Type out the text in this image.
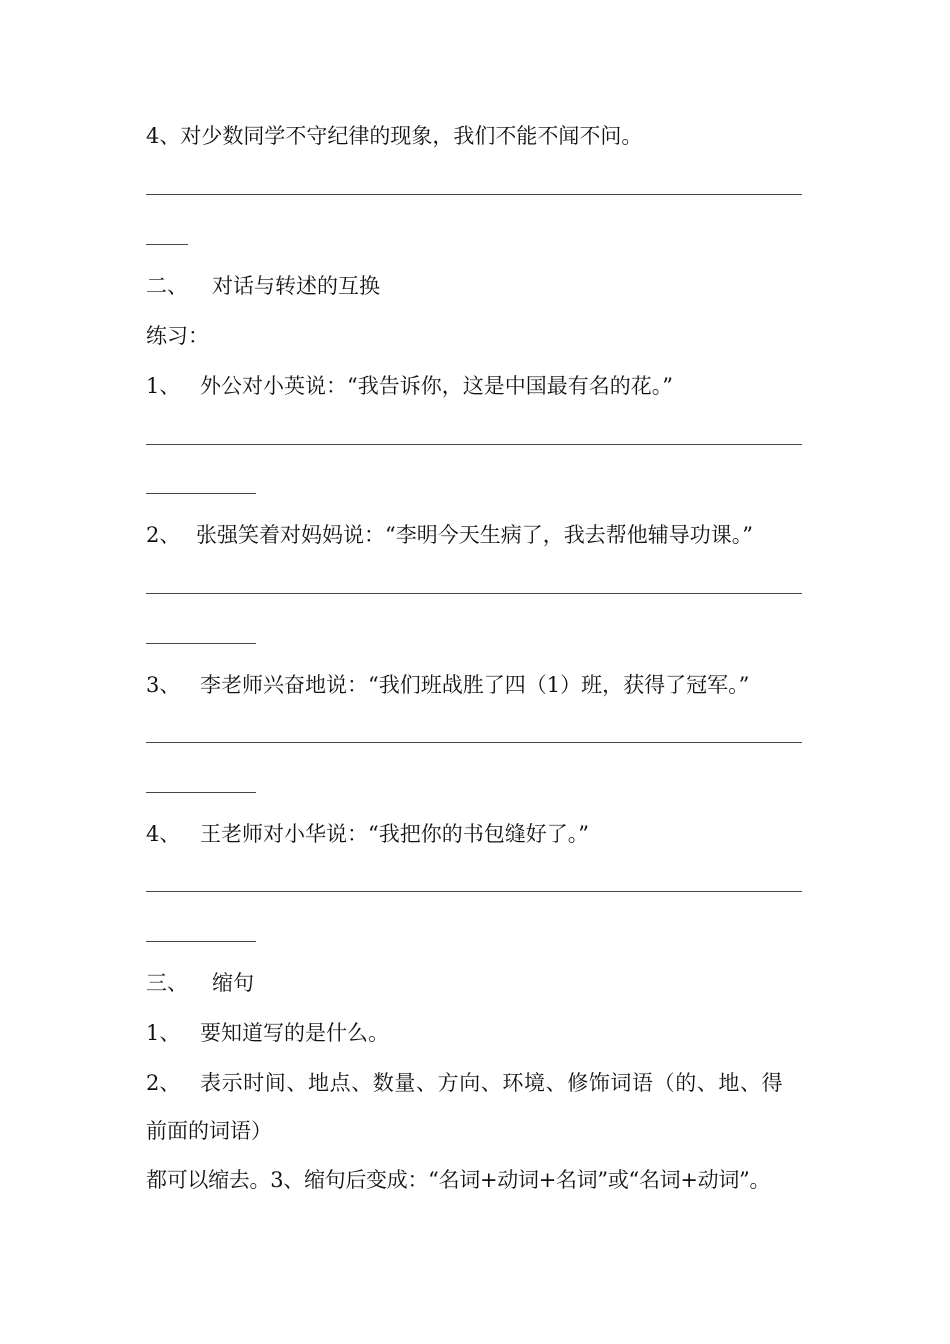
4、对少数同学不守纪律的现象，我们不能不闻不问。
二、 对话与转述的互换
练习：
1、 外公对小英说：“我告诉你，这是中国最有名的花。”
2、 张强笑着对妈妈说：“李明今天生病了，我去帮他辅导功课。”
3、 李老师兴奋地说：“我们班战胜了四（1）班，获得了冠军。”
4、 王老师对小华说：“我把你的书包缝好了。”
三、 缩句
1、 要知道写的是什么。
2、 表示时间、地点、数量、方向、环境、修饰词语（的、地、得
前面的词语）
都可以缩去。3、缩句后变成：“名词+动词+名词”或“名词+动词”。
